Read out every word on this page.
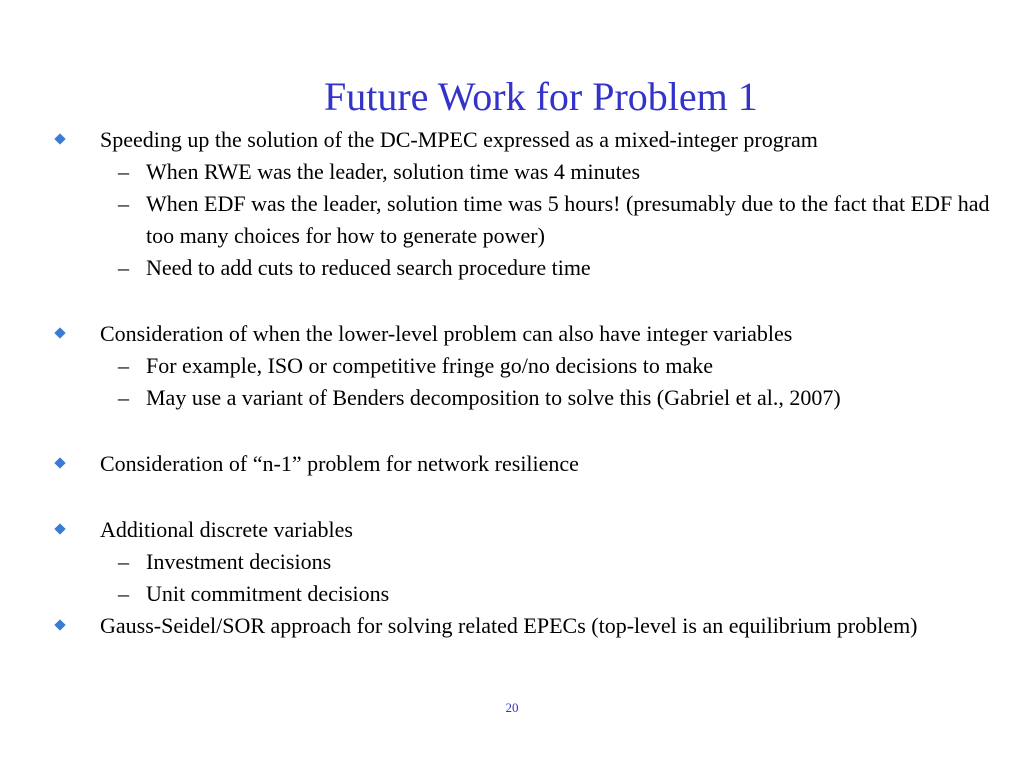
Future Work for Problem 1
Speeding up the solution of the DC-MPEC expressed as a mixed-integer program
– When RWE was the leader, solution time was 4 minutes
– When EDF was the leader, solution time was 5 hours! (presumably due to the fact that EDF had too many choices for how to generate power)
– Need to add cuts to reduced search procedure time
Consideration of when the lower-level problem can also have integer variables
– For example, ISO or competitive fringe go/no decisions to make
– May use a variant of Benders decomposition to solve this (Gabriel et al., 2007)
Consideration of “n-1” problem for network resilience
Additional discrete variables
– Investment decisions
– Unit commitment decisions
Gauss-Seidel/SOR approach for solving related EPECs (top-level is an equilibrium problem)
20
